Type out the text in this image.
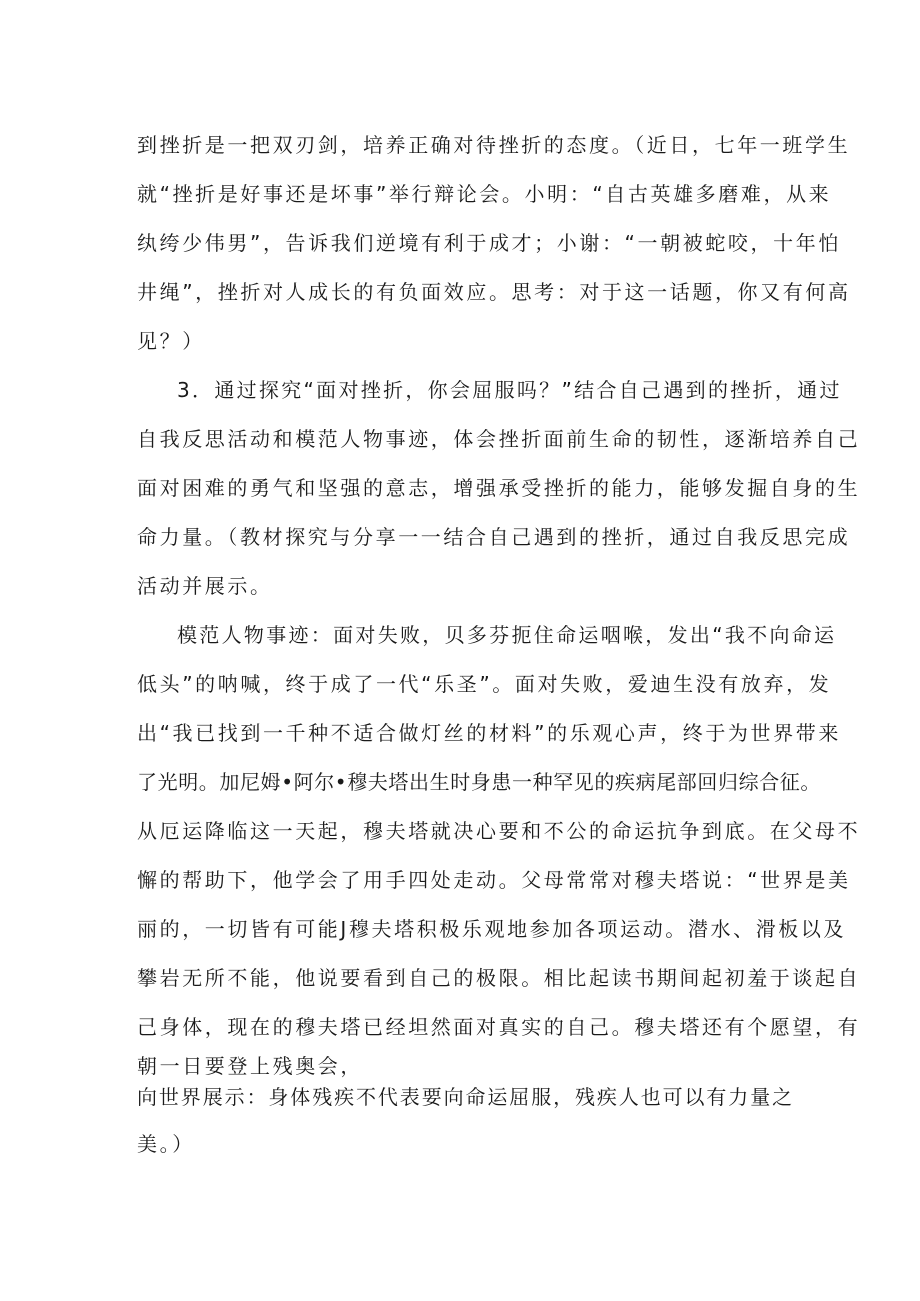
到挫折是一把双刃剑，培养正确对待挫折的态度。（近日，七年一班学生
就“挫折是好事还是坏事”举行辩论会。小明：“自古英雄多磨难，从来
纨绔少伟男”，告诉我们逆境有利于成才；小谢：“一朝被蛇咬，十年怕
井绳”，挫折对人成长的有负面效应。思考：对于这一话题，你又有何高
见？）
3．通过探究“面对挫折，你会屈服吗？”结合自己遇到的挫折，通过
自我反思活动和模范人物事迹，体会挫折面前生命的韧性，逐渐培养自己
面对困难的勇气和坚强的意志，增强承受挫折的能力，能够发掘自身的生
命力量。（教材探究与分享一一结合自己遇到的挫折，通过自我反思完成
活动并展示。
模范人物事迹：面对失败，贝多芬扼住命运咽喉，发出“我不向命运
低头”的呐喊，终于成了一代“乐圣”。面对失败，爱迪生没有放弃，发
出“我已找到一千种不适合做灯丝的材料”的乐观心声，终于为世界带来
了光明。加尼姆•阿尔•穆夫塔出生时身患一种罕见的疾病尾部回归综合征。
从厄运降临这一天起，穆夫塔就决心要和不公的命运抗争到底。在父母不
懈的帮助下，他学会了用手四处走动。父母常常对穆夫塔说：“世界是美
丽的，一切皆有可能J穆夫塔积极乐观地参加各项运动。潜水、滑板以及
攀岩无所不能，他说要看到自己的极限。相比起读书期间起初羞于谈起自
己身体，现在的穆夫塔已经坦然面对真实的自己。穆夫塔还有个愿望，有
朝一日要登上残奥会，
向世界展示：身体残疾不代表要向命运屈服，残疾人也可以有力量之
美。）
